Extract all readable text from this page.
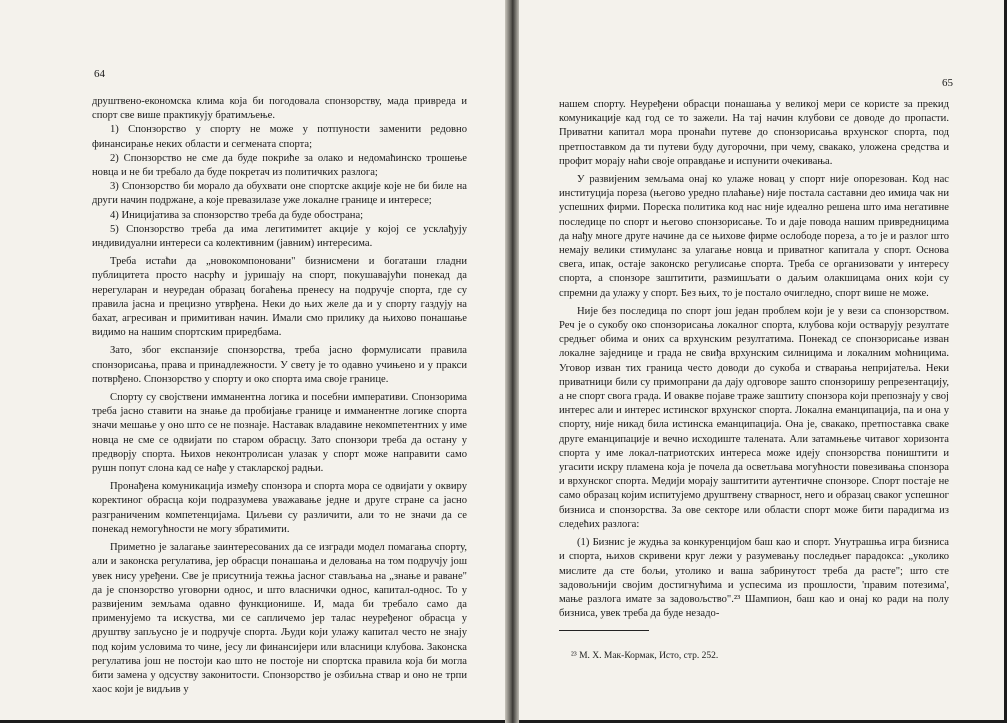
64

друштвено-економска клима која би погодовала спонзорству, мада приврeда и спорт све више практикују братимљење.

1) Спонзорство у спорту не може у потпуности заменити редовно финансирање неких области и сегмената спорта;

2) Спонзорство не сме да буде покриће за олако и недомаћинско трошење новца и не би требало да буде покретач из политичких разлога;

3) Спонзорство би морало да обухвати оне спортске акције које не би биле на други начин подржане, а које превазилазе уже локалне границе и интересе;

4) Иницијатива за спонзорство треба да буде обострана;

5) Спонзорство треба да има легитимитет акције у којој се усклађују индивидуални интереси са колективним (јавним) интересима.

Треба истаћи да „новокомпоновани" бизнисмени и богаташи гладни публицитета просто насрћу и јуришају на спорт, покушавајући понекад да нерегуларан и неуредан образац богаћења пренесу на подручје спорта, где су правила јасна и прецизно утврђена. Неки до њих желе да и у спорту газдују на бахат, агресиван и примитиван начин. Имали смо прилику да њихово понашање видимо на нашим спортским приредбама.

Зато, због експанзије спонзорства, треба јасно формулисати правила спонзорисања, права и принадлежности. У свету је то одавно учињено и у пракси потврђено. Спонзорство у спорту и око спорта има своје границе.

Спорту су својствени имманентна логика и посебни императиви. Спонзорима треба јасно ставити на знање да пробијање границе и имманентне логике спорта значи мешање у оно што се не познаје. Наставак владавине некомпетентних у име новца не сме се одвијати по старом обрасцу. Зато спонзори треба да остану у предворју спорта. Њихов неконтролисан улазак у спорт може направити само рушн попут слона кад се нађе у стакларској радњи.

Пронађена комуникација између спонзора и спорта мора се одвијати у оквиру коректиног обрасца који подразумева уважавање једне и друге стране са јасно разграниченим компетенцијама. Циљеви су различити, али то не значи да се понекад немогућности не могу збратимити.

Приметно је залагање заинтересованих да се изгради модел помагања спорту, али и законска регулатива, јер обрасци понашања и деловања на том подручју још увек нису уређени. Све је присутнија тежња јасног стављања на „знање и раване" да је спонзорство уговорни однос, и што власнички однос, капитал-однос. То у развијеним земљама одавно функционише. И, мада би требало само да применујемо та искуства, ми се сапличемо јер талас неуређеног обрасца у друштву запљусно је и подручје спорта. Људи који улажу капитал често не знају под којим условима то чине, јесу ли финансијери или власници клубова. Законска регулатива још не постоји као што не постоје ни спортска правила која би могла бити замена у одсуству законитости. Спонзорство је озбиљна ствар и оно не трпи хаос који је видљив у

65

нашем спорту. Неуређени обрасци понашања у великој мери се користе за прекид комуникације кад год се то зажели. На тај начин клубови се доводе до пропасти. Приватни капитал мора пронаћи путеве до спонзорисања врхунског спорта, под претпоставком да ти путеви буду дугорочни, при чему, свакако, уложена средства и профит морају наћи своје оправдање и испунити очекивања.

У развијеним земљама онај ко улаже новац у спорт није опорезован. Код нас институција пореза (његово уредно плаћање) није постала саставни део имиџа чак ни успешних фирми. Пореска политика код нас није идеално решена што има негативне последице по спорт и његово спонзорисање. То и даје повода нашим привредницима да нађу многе друге начине да се њихове фирме ослободе пореза, а то је и разлог што немају велики стимуланс за улагање новца и приватног капитала у спорт. Основа свега, ипак, остаје законско регулисање спорта. Треба се организовати у интересу спорта, а спонзоре заштитити, размишљати о даљим олакшицама оних који су спремни да улажу у спорт. Без њих, то је постало очигледно, спорт више не може.

Није без последица по спорт још један проблем који је у вези са спонзорством. Реч је о сукобу око спонзорисања локалног спорта, клубова који остварују резултате средњег обима и оних са врхунским резултатима. Понекад се спонзорисање изван локалне заједнице и града не свиђа врхунским силницима и локалним моћницима. Уговор изван тих граница често доводи до сукоба и стварања непријатеља. Неки приватници били су примопрани да дају одговоре зашто спонзоришу репрезентацију, а не спорт свога града. И оваквe појаве траже заштиту спонзора који препознају у свој интерес али и интерес истинског врхунског спорта. Локална еманципација, па и она у спорту, није никад била истинска еманципација. Она је, свакако, претпоставка сваке друге еманципације и вечно исходиште талената. Али затамњење читавог хоризонта спорта у име локал-патриотских интереса може идеју спонзорства поништити и угасити искру пламена која је почела да осветљава могућности повезивања спонзора и врхунског спорта. Медији морају заштитити аутентичне спонзоре. Спорт постаје не само образац којим испитујемо друштвену стварност, него и образац сваког успешног бизниса и спонзорства. За ове секторе или области спорт може бити парадигма из следећих разлога:

(1) Бизнис је жудња за конкуренцијом баш као и спорт. Унутрашња игра бизниса и спорта, њихов скривени круг лежи у разумевању последњег парадокса: „уколико мислите да сте бољи, утолико и ваша забринутост треба да расте"; што сте задовољнији својим достигнућима и успесима из прошлости, 'правим потезима', мање разлога имате за задовољство".²³ Шампион, баш као и онај ко ради на полу бизниса, увек треба да буде незадо-

²³ М. Х. Мак-Кормак, Исто, стр. 252.
